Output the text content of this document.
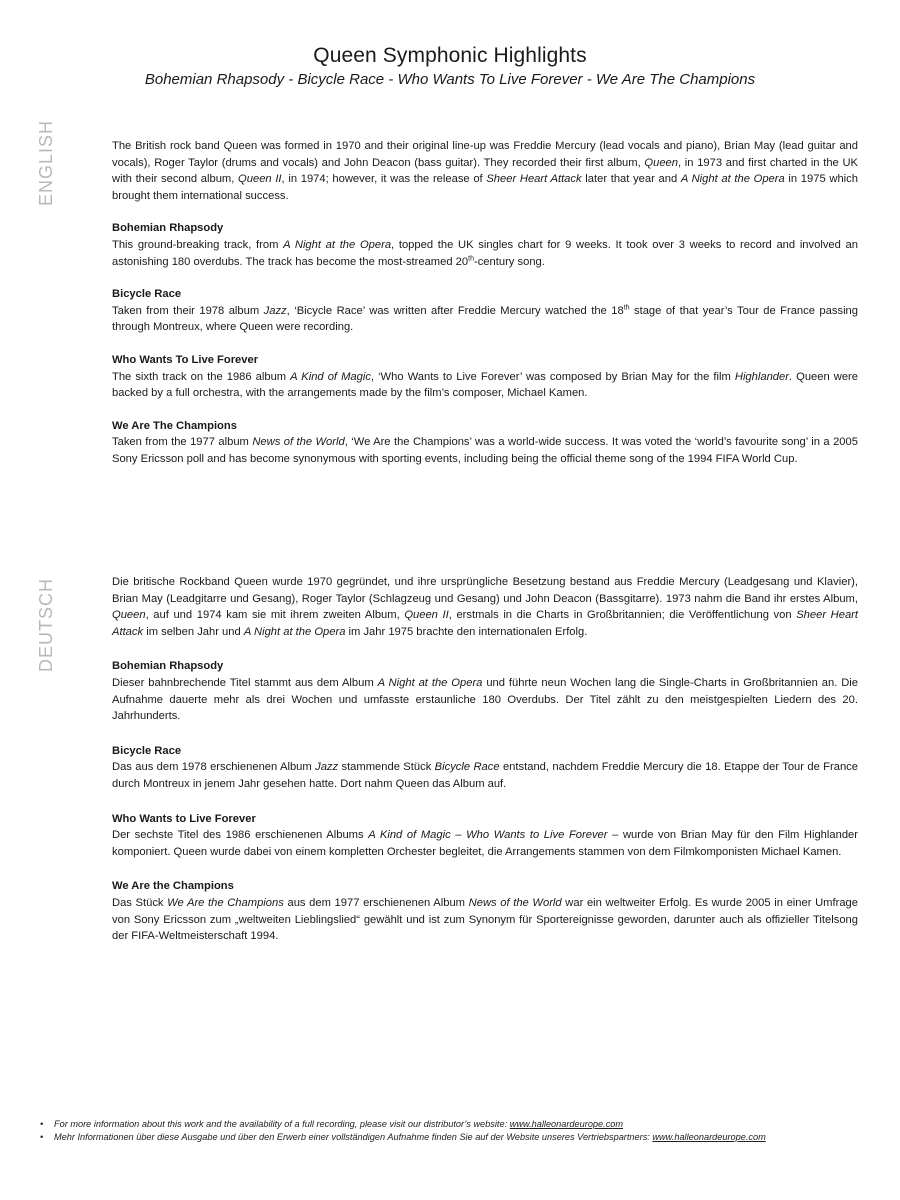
Queen Symphonic Highlights
Bohemian Rhapsody - Bicycle Race - Who Wants To Live Forever - We Are The Champions
ENGLISH
DEUTSCH

The British rock band Queen was formed in 1970 and their original line-up was Freddie Mercury (lead vocals and piano), Brian May (lead guitar and vocals), Roger Taylor (drums and vocals) and John Deacon (bass guitar). They recorded their first album, Queen, in 1973 and first charted in the UK with their second album, Queen II, in 1974; however, it was the release of Sheer Heart Attack later that year and A Night at the Opera in 1975 which brought them international success.

Bohemian Rhapsody
This ground-breaking track, from A Night at the Opera, topped the UK singles chart for 9 weeks. It took over 3 weeks to record and involved an astonishing 180 overdubs. The track has become the most-streamed 20th-century song.
Bicycle Race
Taken from their 1978 album Jazz, ‘Bicycle Race’ was written after Freddie Mercury watched the 18th stage of that year’s Tour de France passing through Montreux, where Queen were recording.
Who Wants To Live Forever
The sixth track on the 1986 album A Kind of Magic, ‘Who Wants to Live Forever’ was composed by Brian May for the film Highlander. Queen were backed by a full orchestra, with the arrangements made by the film’s composer, Michael Kamen.
We Are The Champions
Taken from the 1977 album News of the World, ‘We Are the Champions’ was a world-wide success. It was voted the ‘world’s favourite song’ in a 2005 Sony Ericsson poll and has become synonymous with sporting events, including being the official theme song of the 1994 FIFA World Cup.

Die britische Rockband Queen wurde 1970 gegründet, und ihre ursprüngliche Besetzung bestand aus Freddie Mercury (Leadgesang und Klavier), Brian May (Leadgitarre und Gesang), Roger Taylor (Schlagzeug und Gesang) und John Deacon (Bassgitarre). 1973 nahm die Band ihr erstes Album, Queen, auf und 1974 kam sie mit ihrem zweiten Album, Queen II, erstmals in die Charts in Großbritannien; die Veröffentlichung von Sheer Heart Attack im selben Jahr und A Night at the Opera im Jahr 1975 brachte den internationalen Erfolg.

Bohemian Rhapsody
Dieser bahnbrechende Titel stammt aus dem Album A Night at the Opera und führte neun Wochen lang die Single-Charts in Großbritannien an. Die Aufnahme dauerte mehr als drei Wochen und umfasste erstaunliche 180 Overdubs. Der Titel zählt zu den meistgespielten Liedern des 20. Jahrhunderts.
Bicycle Race
Das aus dem 1978 erschienenen Album Jazz stammende Stück Bicycle Race entstand, nachdem Freddie Mercury die 18. Etappe der Tour de France durch Montreux in jenem Jahr gesehen hatte. Dort nahm Queen das Album auf.
Who Wants to Live Forever
Der sechste Titel des 1986 erschienenen Albums A Kind of Magic – Who Wants to Live Forever – wurde von Brian May für den Film Highlander komponiert. Queen wurde dabei von einem kompletten Orchester begleitet, die Arrangements stammen von dem Filmkomponisten Michael Kamen.
We Are the Champions
Das Stück We Are the Champions aus dem 1977 erschienenen Album News of the World war ein weltweiter Erfolg. Es wurde 2005 in einer Umfrage von Sony Ericsson zum „weltweiten Lieblingslied“ gewählt und ist zum Synonym für Sportereignisse geworden, darunter auch als offizieller Titelsong der FIFA-Weltmeisterschaft 1994.
•	For more information about this work and the availability of a full recording, please visit our distributor’s website: www.halleonardeurope.com
•	Mehr Informationen über diese Ausgabe und über den Erwerb einer vollständigen Aufnahme finden Sie auf der Website unseres Vertriebspartners: www.halleonardeurope.com
